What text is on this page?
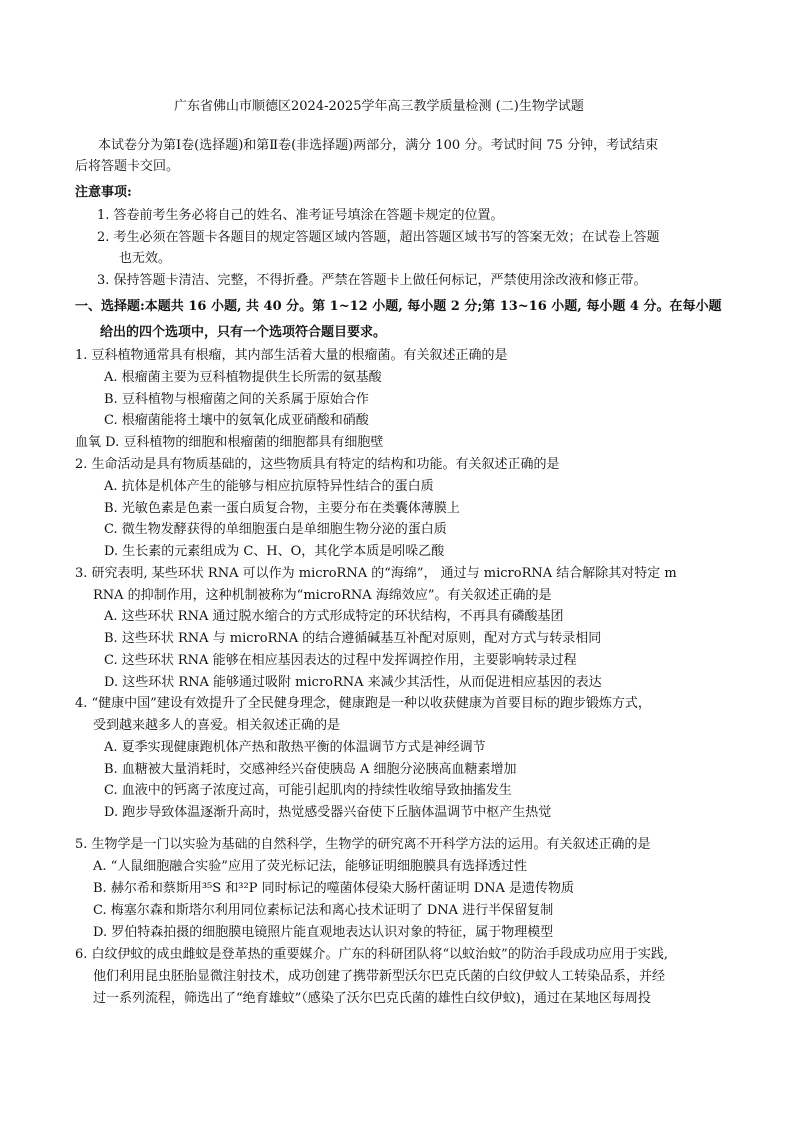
广东省佛山市顺德区2024-2025学年高三教学质量检测 (二)生物学试题
本试卷分为第Ⅰ卷(选择题)和第Ⅱ卷(非选择题)两部分，满分 100 分。考试时间 75 分钟，考试结束
后将答题卡交回。
注意事项:
1. 答卷前考生务必将自己的姓名、准考证号填涂在答题卡规定的位置。
2. 考生必须在答题卡各题目的规定答题区域内答题，超出答题区域书写的答案无效；在试卷上答题
也无效。
3. 保持答题卡清洁、完整，不得折叠。严禁在答题卡上做任何标记，严禁使用涂改液和修正带。
一、选择题:本题共 16 小题, 共 40 分。第 1~12 小题, 每小题 2 分;第 13~16 小题, 每小题 4 分。在每小题
给出的四个选项中，只有一个选项符合题目要求。
1. 豆科植物通常具有根瘤，其内部生活着大量的根瘤菌。有关叙述正确的是
A. 根瘤菌主要为豆科植物提供生长所需的氨基酸
B. 豆科植物与根瘤菌之间的关系属于原始合作
C. 根瘤菌能将土壤中的氨氧化成亚硝酸和硝酸
血氧 D. 豆科植物的细胞和根瘤菌的细胞都具有细胞壁
2. 生命活动是具有物质基础的，这些物质具有特定的结构和功能。有关叙述正确的是
A. 抗体是机体产生的能够与相应抗原特异性结合的蛋白质
B. 光敏色素是色素一蛋白质复合物，主要分布在类囊体薄膜上
C. 微生物发酵获得的单细胞蛋白是单细胞生物分泌的蛋白质
D. 生长素的元素组成为 C、H、O，其化学本质是吲哚乙酸
3. 研究表明, 某些环状 RNA 可以作为 microRNA 的“海绵”， 通过与 microRNA 结合解除其对特定 m
RNA 的抑制作用，这种机制被称为“microRNA 海绵效应”。有关叙述正确的是
A. 这些环状 RNA 通过脱水缩合的方式形成特定的环状结构，不再具有磷酸基团
B. 这些环状 RNA 与 microRNA 的结合遵循碱基互补配对原则，配对方式与转录相同
C. 这些环状 RNA 能够在相应基因表达的过程中发挥调控作用，主要影响转录过程
D. 这些环状 RNA 能够通过吸附 microRNA 来减少其活性，从而促进相应基因的表达
4. “健康中国”建设有效提升了全民健身理念，健康跑是一种以收获健康为首要目标的跑步锻炼方式，
受到越来越多人的喜爱。相关叙述正确的是
A. 夏季实现健康跑机体产热和散热平衡的体温调节方式是神经调节
B. 血糖被大量消耗时，交感神经兴奋使胰岛 A 细胞分泌胰高血糖素增加
C. 血液中的钙离子浓度过高，可能引起肌肉的持续性收缩导致抽搐发生
D. 跑步导致体温逐渐升高时，热觉感受器兴奋使下丘脑体温调节中枢产生热觉
5. 生物学是一门以实验为基础的自然科学，生物学的研究离不开科学方法的运用。有关叙述正确的是
A. “人鼠细胞融合实验”应用了荧光标记法，能够证明细胞膜具有选择透过性
B. 赫尔希和蔡斯用³⁵S 和³²P 同时标记的噬菌体侵染大肠杆菌证明 DNA 是遗传物质
C. 梅塞尔森和斯塔尔利用同位素标记法和离心技术证明了 DNA 进行半保留复制
D. 罗伯特森拍摄的细胞膜电镜照片能直观地表达认识对象的特征，属于物理模型
6. 白纹伊蚊的成虫雌蚊是登革热的重要媒介。广东的科研团队将“以蚊治蚊”的防治手段成功应用于实践,
他们利用昆虫胚胎显微注射技术，成功创建了携带新型沃尔巴克氏菌的白纹伊蚊人工转染品系，并经
过一系列流程，筛选出了“绝育雄蚊”（感染了沃尔巴克氏菌的雄性白纹伊蚊)，通过在某地区每周投
